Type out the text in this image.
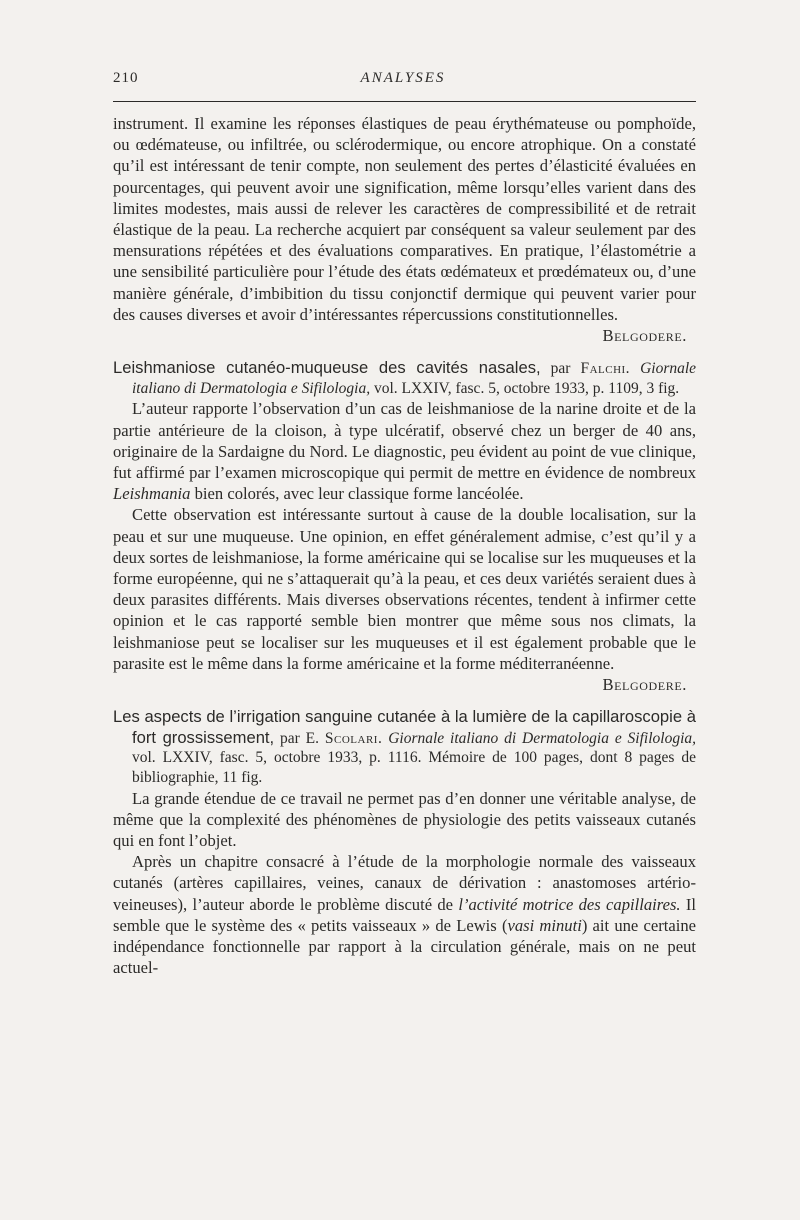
210	ANALYSES

instrument. Il examine les réponses élastiques de peau érythémateuse ou pomphoïde, ou œdémateuse, ou infiltrée, ou sclérodermique, ou encore atrophique. On a constaté qu’il est intéressant de tenir compte, non seulement des pertes d’élasticité évaluées en pourcentages, qui peuvent avoir une signification, même lorsqu’elles varient dans des limites modestes, mais aussi de relever les caractères de compressibilité et de retrait élastique de la peau. La recherche acquiert par conséquent sa valeur seulement par des mensurations répétées et des évaluations comparatives. En pratique, l’élastométrie a une sensibilité particulière pour l’étude des états œdémateux et prœdémateux ou, d’une manière générale, d’imbibition du tissu conjonctif dermique qui peuvent varier pour des causes diverses et avoir d’intéressantes répercussions constitutionnelles.
Belgodere.

Leishmaniose cutanéo-muqueuse des cavités nasales, par Falchi. Giornale italiano di Dermatologia e Sifilologia, vol. LXXIV, fasc. 5, octobre 1933, p. 1109, 3 fig.

L’auteur rapporte l’observation d’un cas de leishmaniose de la narine droite et de la partie antérieure de la cloison, à type ulcératif, observé chez un berger de 40 ans, originaire de la Sardaigne du Nord. Le diagnostic, peu évident au point de vue clinique, fut affirmé par l’examen microscopique qui permit de mettre en évidence de nombreux Leishmania bien colorés, avec leur classique forme lancéolée.

Cette observation est intéressante surtout à cause de la double localisation, sur la peau et sur une muqueuse. Une opinion, en effet généralement admise, c’est qu’il y a deux sortes de leishmaniose, la forme américaine qui se localise sur les muqueuses et la forme européenne, qui ne s’attaquerait qu’à la peau, et ces deux variétés seraient dues à deux parasites différents. Mais diverses observations récentes, tendent à infirmer cette opinion et le cas rapporté semble bien montrer que même sous nos climats, la leishmaniose peut se localiser sur les muqueuses et il est également probable que le parasite est le même dans la forme américaine et la forme méditerranéenne.

Belgodere.

Les aspects de l’irrigation sanguine cutanée à la lumière de la capillaroscopie à fort grossissement, par E. Scolari. Giornale italiano di Dermatologia e Sifilologia, vol. LXXIV, fasc. 5, octobre 1933, p. 1116. Mémoire de 100 pages, dont 8 pages de bibliographie, 11 fig.

La grande étendue de ce travail ne permet pas d’en donner une véritable analyse, de même que la complexité des phénomènes de physiologie des petits vaisseaux cutanés qui en font l’objet.

Après un chapitre consacré à l’étude de la morphologie normale des vaisseaux cutanés (artères capillaires, veines, canaux de dérivation : anastomoses artério-veineuses), l’auteur aborde le problème discuté de l’activité motrice des capillaires. Il semble que le système des « petits vaisseaux » de Lewis (vasi minuti) ait une certaine indépendance fonctionnelle par rapport à la circulation générale, mais on ne peut actuel-
